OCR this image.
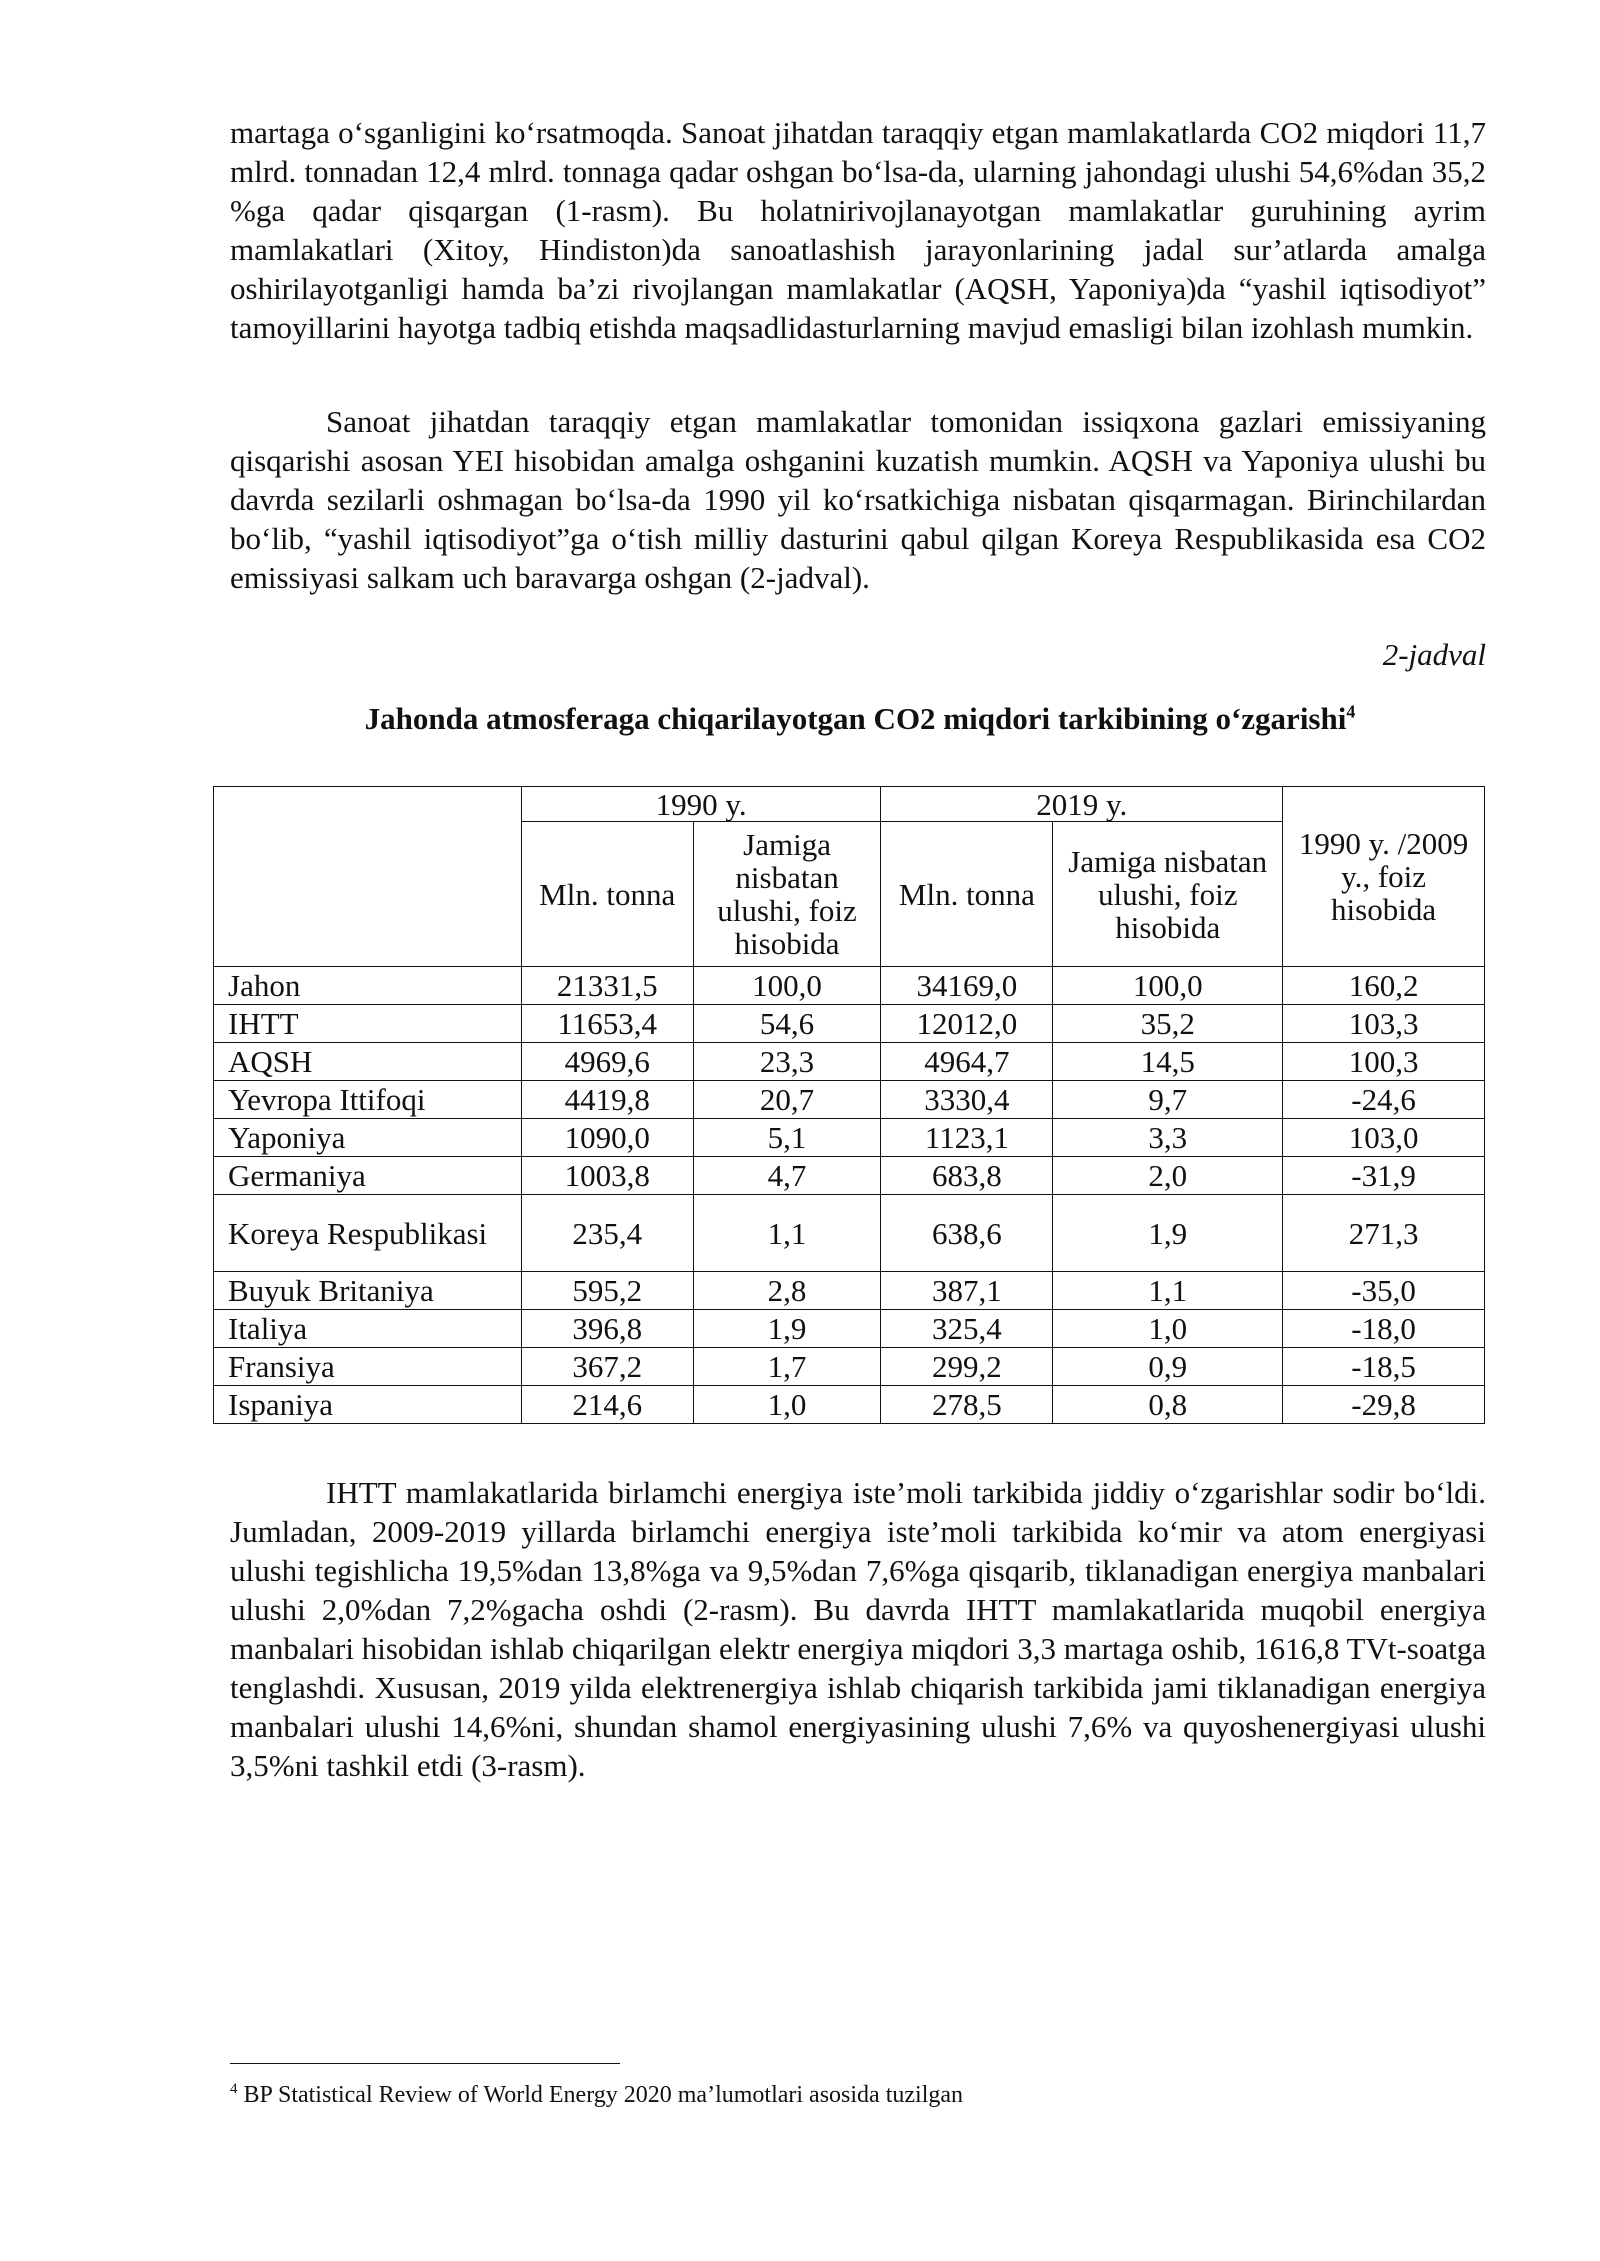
martaga oʻsganligini koʻrsatmoqda. Sanoat jihatdan taraqqiy etgan mamlakatlarda CO2 miqdori 11,7 mlrd. tonnadan 12,4 mlrd. tonnaga qadar oshgan boʻlsa-da, ularning jahondagi ulushi 54,6%dan 35,2 %ga qadar qisqargan (1-rasm). Bu holatnirivojlanayotgan mamlakatlar guruhining ayrim mamlakatlari (Xitoy, Hindiston)da sanoatlashish jarayonlarining jadal sur’atlarda amalga oshirilayotganligi hamda ba’zi rivojlangan mamlakatlar (AQSH, Yaponiya)da “yashil iqtisodiyot” tamoyillarini hayotga tadbiq etishda maqsadlidasturlarning mavjud emasligi bilan izohlash mumkin.

Sanoat jihatdan taraqqiy etgan mamlakatlar tomonidan issiqxona gazlari emissiyaning qisqarishi asosan YEI hisobidan amalga oshganini kuzatish mumkin. AQSH va Yaponiya ulushi bu davrda sezilarli oshmagan boʻlsa-da 1990 yil koʻrsatkichiga nisbatan qisqarmagan. Birinchilardan boʻlib, “yashil iqtisodiyot”ga oʻtish milliy dasturini qabul qilgan Koreya Respublikasida esa CO2 emissiyasi salkam uch baravarga oshgan (2-jadval).

2-jadval

Jahonda atmosferaga chiqarilayotgan CO2 miqdori tarkibining oʻzgarishi$^4$

	1990 y.		2019 y.		1990 y. /2009 y., foiz hisobida
	Mln. tonna	Jamiga nisbatan ulushi, foiz hisobida	Mln. tonna	Jamiga nisbatan ulushi, foiz hisobida	
Jahon	21331,5	100,0	34169,0	100,0	160,2
IHTT	11653,4	54,6	12012,0	35,2	103,3
AQSH	4969,6	23,3	4964,7	14,5	100,3
Yevropa Ittifoqi	4419,8	20,7	3330,4	9,7	-24,6
Yaponiya	1090,0	5,1	1123,1	3,3	103,0
Germaniya	1003,8	4,7	683,8	2,0	-31,9
Koreya Respublikasi	235,4	1,1	638,6	1,9	271,3
Buyuk Britaniya	595,2	2,8	387,1	1,1	-35,0
Italiya	396,8	1,9	325,4	1,0	-18,0
Fransiya	367,2	1,7	299,2	0,9	-18,5
Ispaniya	214,6	1,0	278,5	0,8	-29,8

IHTT mamlakatlarida birlamchi energiya iste’moli tarkibida jiddiy oʻzgarishlar sodir boʻldi. Jumladan, 2009-2019 yillarda birlamchi energiya iste’moli tarkibida koʻmir va atom energiyasi ulushi tegishlicha 19,5%dan 13,8%ga va 9,5%dan 7,6%ga qisqarib, tiklanadigan energiya manbalari ulushi 2,0%dan 7,2%gacha oshdi (2-rasm). Bu davrda IHTT mamlakatlarida muqobil energiya manbalari hisobidan ishlab chiqarilgan elektr energiya miqdori 3,3 martaga oshib, 1616,8 TVt-soatga tenglashdi. Xususan, 2019 yilda elektrenergiya ishlab chiqarish tarkibida jami tiklanadigan energiya manbalari ulushi 14,6%ni, shundan shamol energiyasining ulushi 7,6% va quyoshenergiyasi ulushi 3,5%ni tashkil etdi (3-rasm).

$^4$ BP Statistical Review of World Energy 2020 ma’lumotlari asosida tuzilgan
